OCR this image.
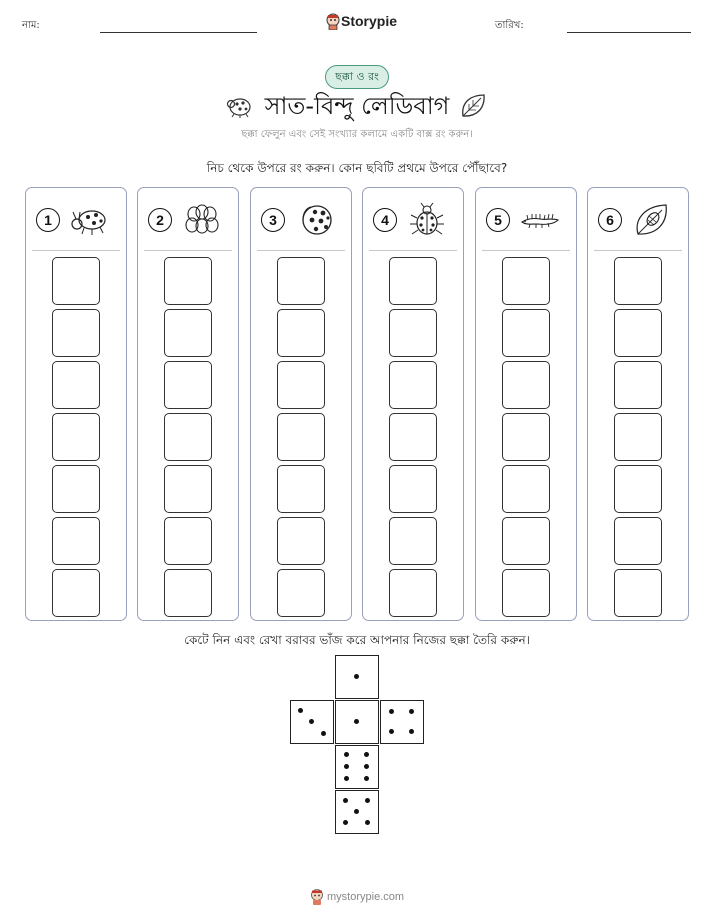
নাম:	Storypie	তারিখ:
ছক্কা ও রং
সাত-বিন্দু লেডিবাগ
ছক্কা ফেলুন এবং সেই সংখ্যার কলামে একটি বাক্স রং করুন।
নিচ থেকে উপরে রং করুন। কোন ছবিটি প্রথমে উপরে পৌঁছাবে?
1	2	3	4	5	6
কেটে নিন এবং রেখা বরাবর ভাঁজ করে আপনার নিজের ছক্কা তৈরি করুন।
mystorypie.com
